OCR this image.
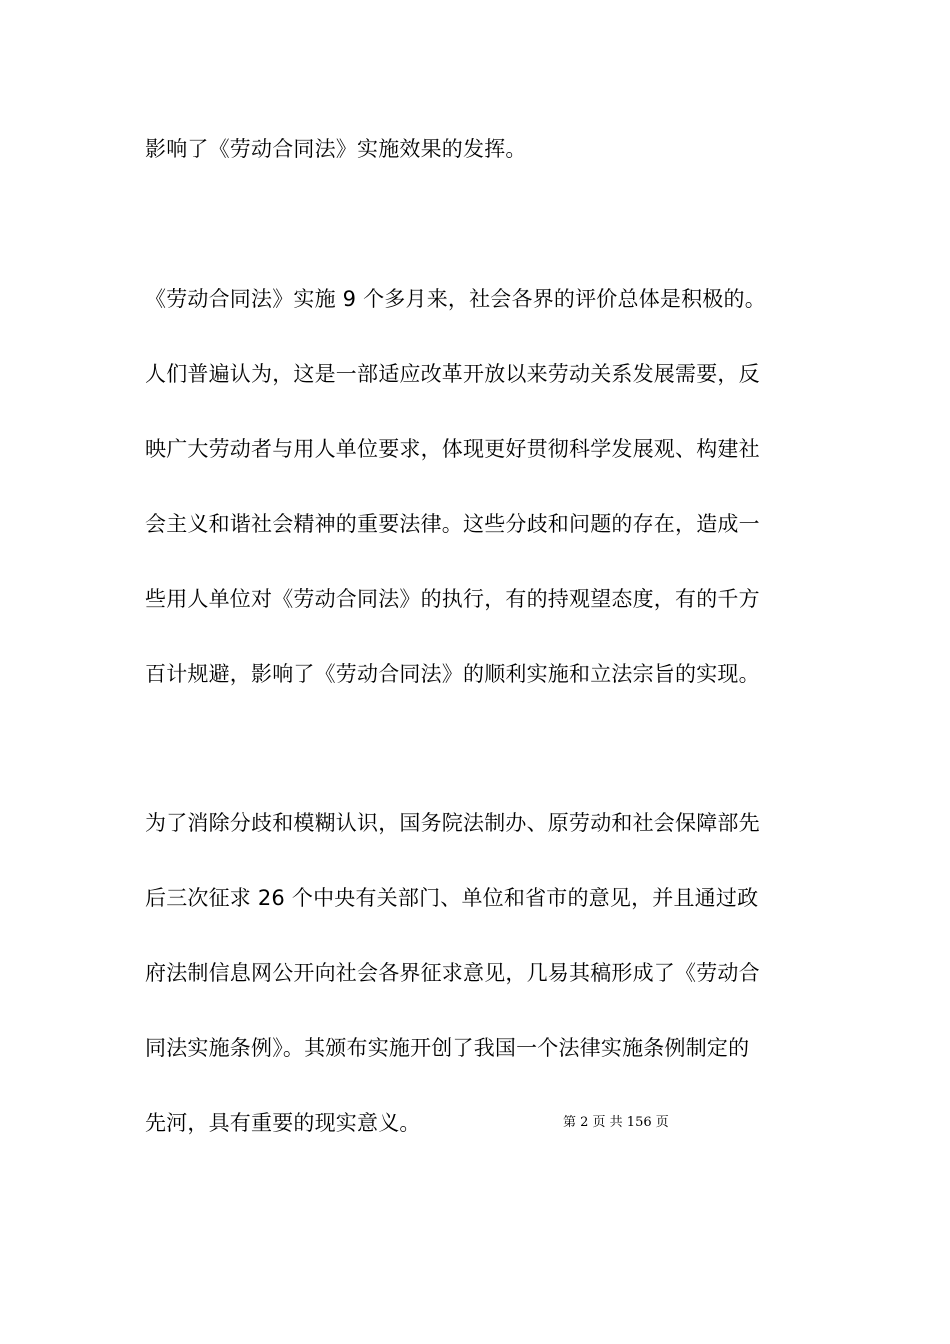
影响了《劳动合同法》实施效果的发挥。
《劳动合同法》实施 9 个多月来，社会各界的评价总体是积极的。
人们普遍认为，这是一部适应改革开放以来劳动关系发展需要，反
映广大劳动者与用人单位要求，体现更好贯彻科学发展观、构建社
会主义和谐社会精神的重要法律。这些分歧和问题的存在，造成一
些用人单位对《劳动合同法》的执行，有的持观望态度，有的千方
百计规避，影响了《劳动合同法》的顺利实施和立法宗旨的实现。
为了消除分歧和模糊认识，国务院法制办、原劳动和社会保障部先
后三次征求 26 个中央有关部门、单位和省市的意见，并且通过政
府法制信息网公开向社会各界征求意见，几易其稿形成了《劳动合
同法实施条例》。其颁布实施开创了我国一个法律实施条例制定的
先河，具有重要的现实意义。	第 2 页 共 156 页
